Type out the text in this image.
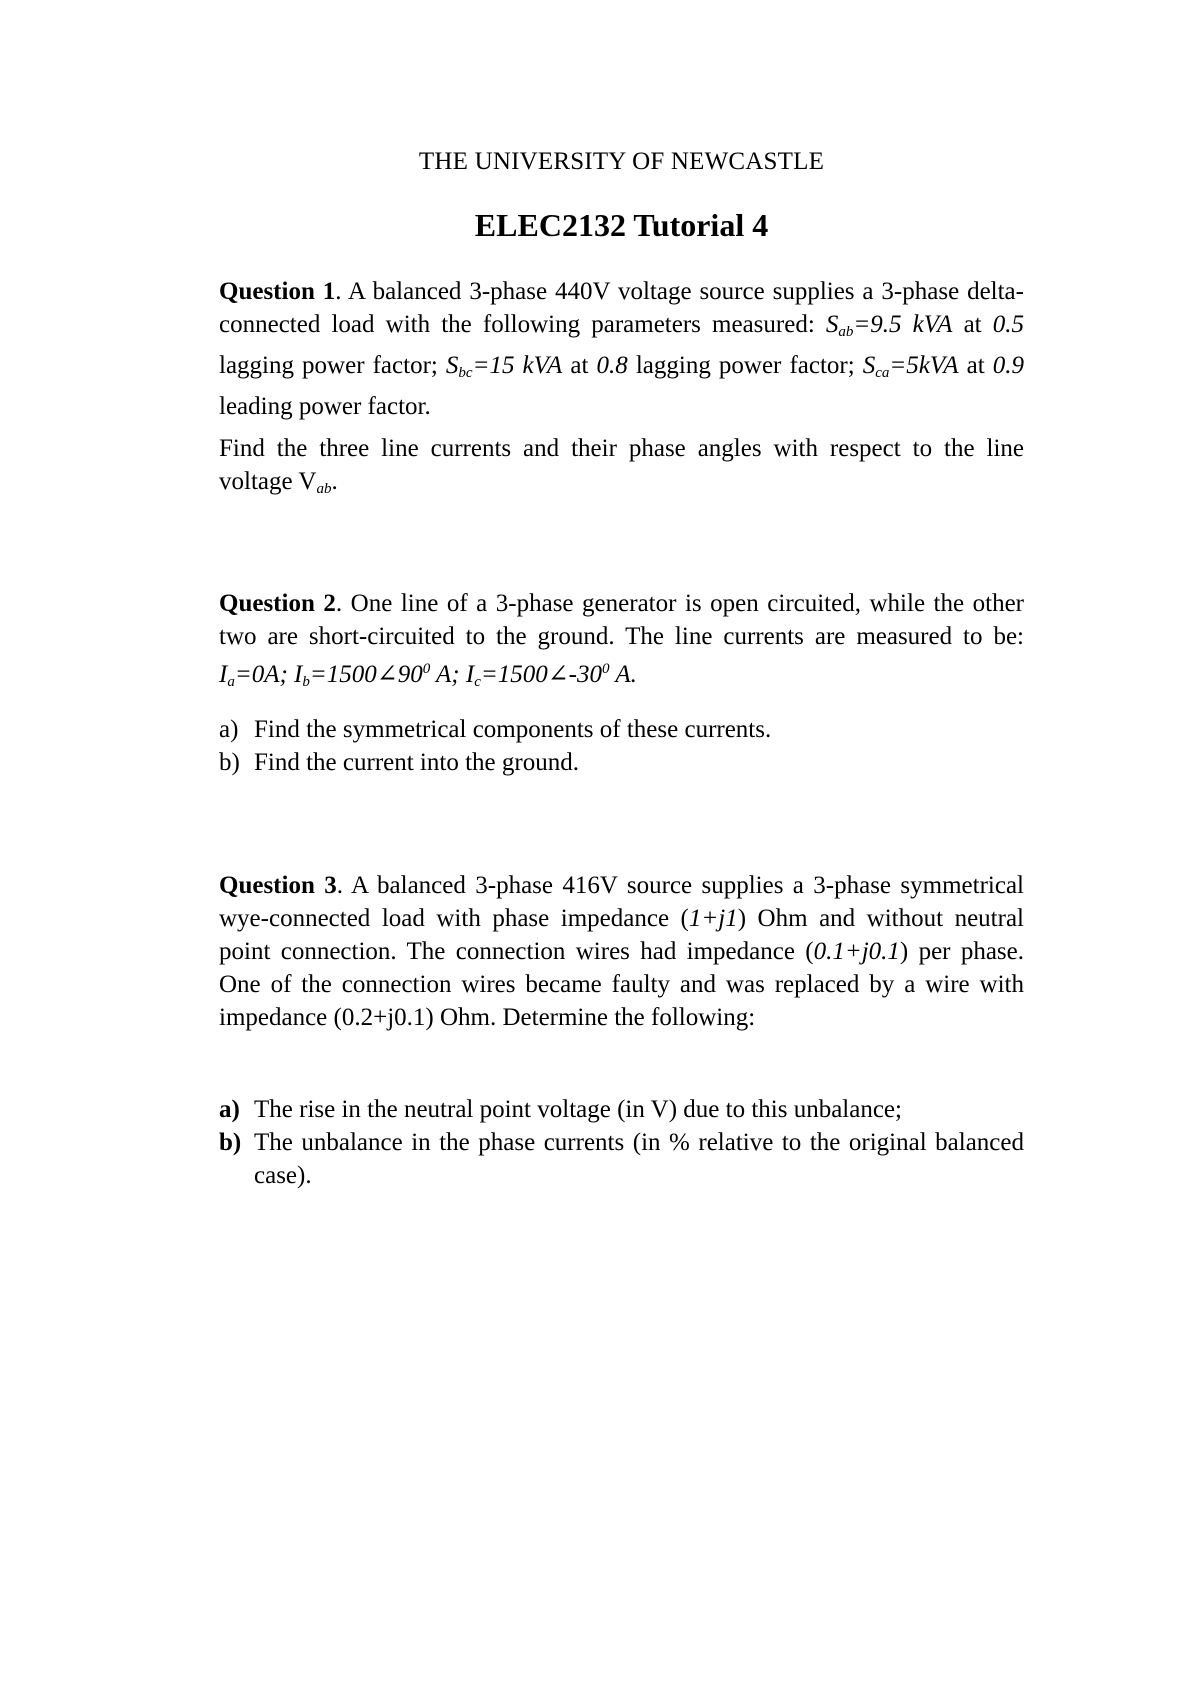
THE UNIVERSITY OF NEWCASTLE
ELEC2132 Tutorial 4
Question 1. A balanced 3-phase 440V voltage source supplies a 3-phase delta-connected load with the following parameters measured: $S_{ab}=9.5$ kVA at 0.5 lagging power factor; $S_{bc}=15$ kVA at 0.8 lagging power factor; $S_{ca}=5kVA$ at 0.9 leading power factor.
Find the three line currents and their phase angles with respect to the line voltage $V_{ab}$.
Question 2. One line of a 3-phase generator is open circuited, while the other two are short-circuited to the ground. The line currents are measured to be: $I_a=0A$; $I_b=1500\angle 90^0$ A; $I_c=1500\angle-30^0$ A.
a) Find the symmetrical components of these currents.
b) Find the current into the ground.
Question 3. A balanced 3-phase 416V source supplies a 3-phase symmetrical wye-connected load with phase impedance (1+j1) Ohm and without neutral point connection. The connection wires had impedance (0.1+j0.1) per phase. One of the connection wires became faulty and was replaced by a wire with impedance (0.2+j0.1) Ohm. Determine the following:
a) The rise in the neutral point voltage (in V) due to this unbalance;
b) The unbalance in the phase currents (in % relative to the original balanced case).
